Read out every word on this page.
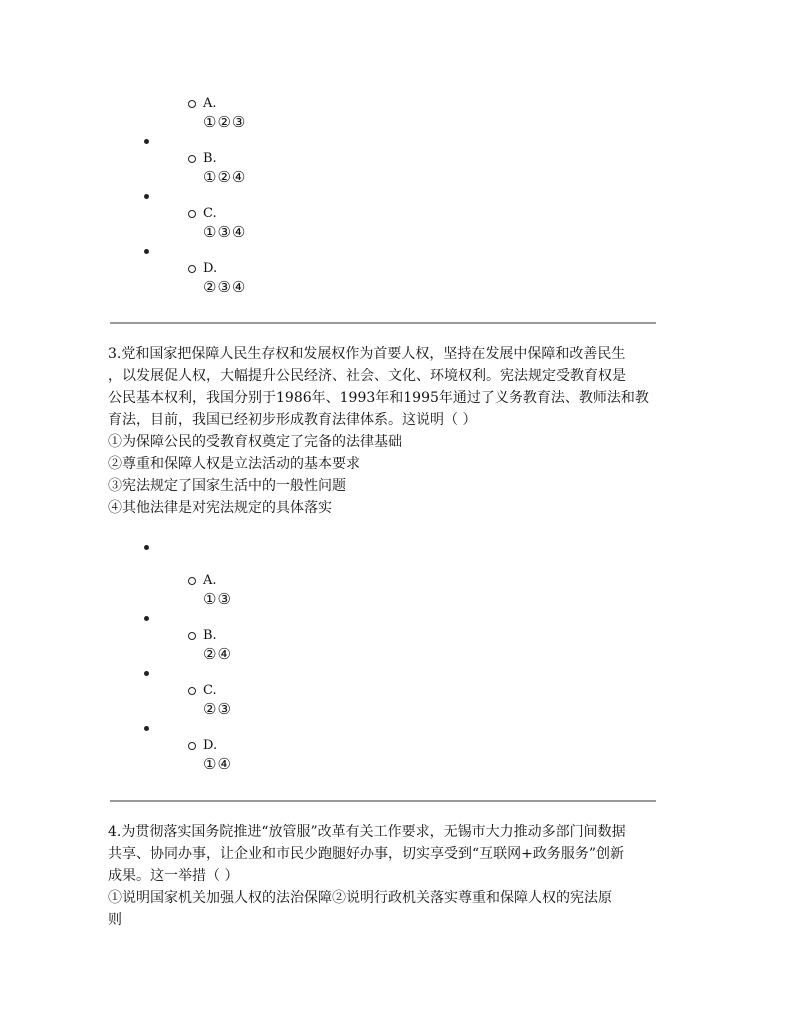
A.
①②③
B.
①②④
C.
①③④
D.
②③④

3.党和国家把保障人民生存权和发展权作为首要人权，坚持在发展中保障和改善民生

，以发展促人权，大幅提升公民经济、社会、文化、环境权利。宪法规定受教育权是

公民基本权利，我国分别于1986年、1993年和1995年通过了义务教育法、教师法和教

育法，目前，我国已经初步形成教育法律体系。这说明（ ）

①为保障公民的受教育权奠定了完备的法律基础

②尊重和保障人权是立法活动的基本要求

③宪法规定了国家生活中的一般性问题

④其他法律是对宪法规定的具体落实

A.
①③
B.
②④
C.
②③
D.
①④

4.为贯彻落实国务院推进“放管服”改革有关工作要求，无锡市大力推动多部门间数据

共享、协同办事，让企业和市民少跑腿好办事，切实享受到“互联网+政务服务”创新

成果。这一举措（ ）

①说明国家机关加强人权的法治保障②说明行政机关落实尊重和保障人权的宪法原

则
